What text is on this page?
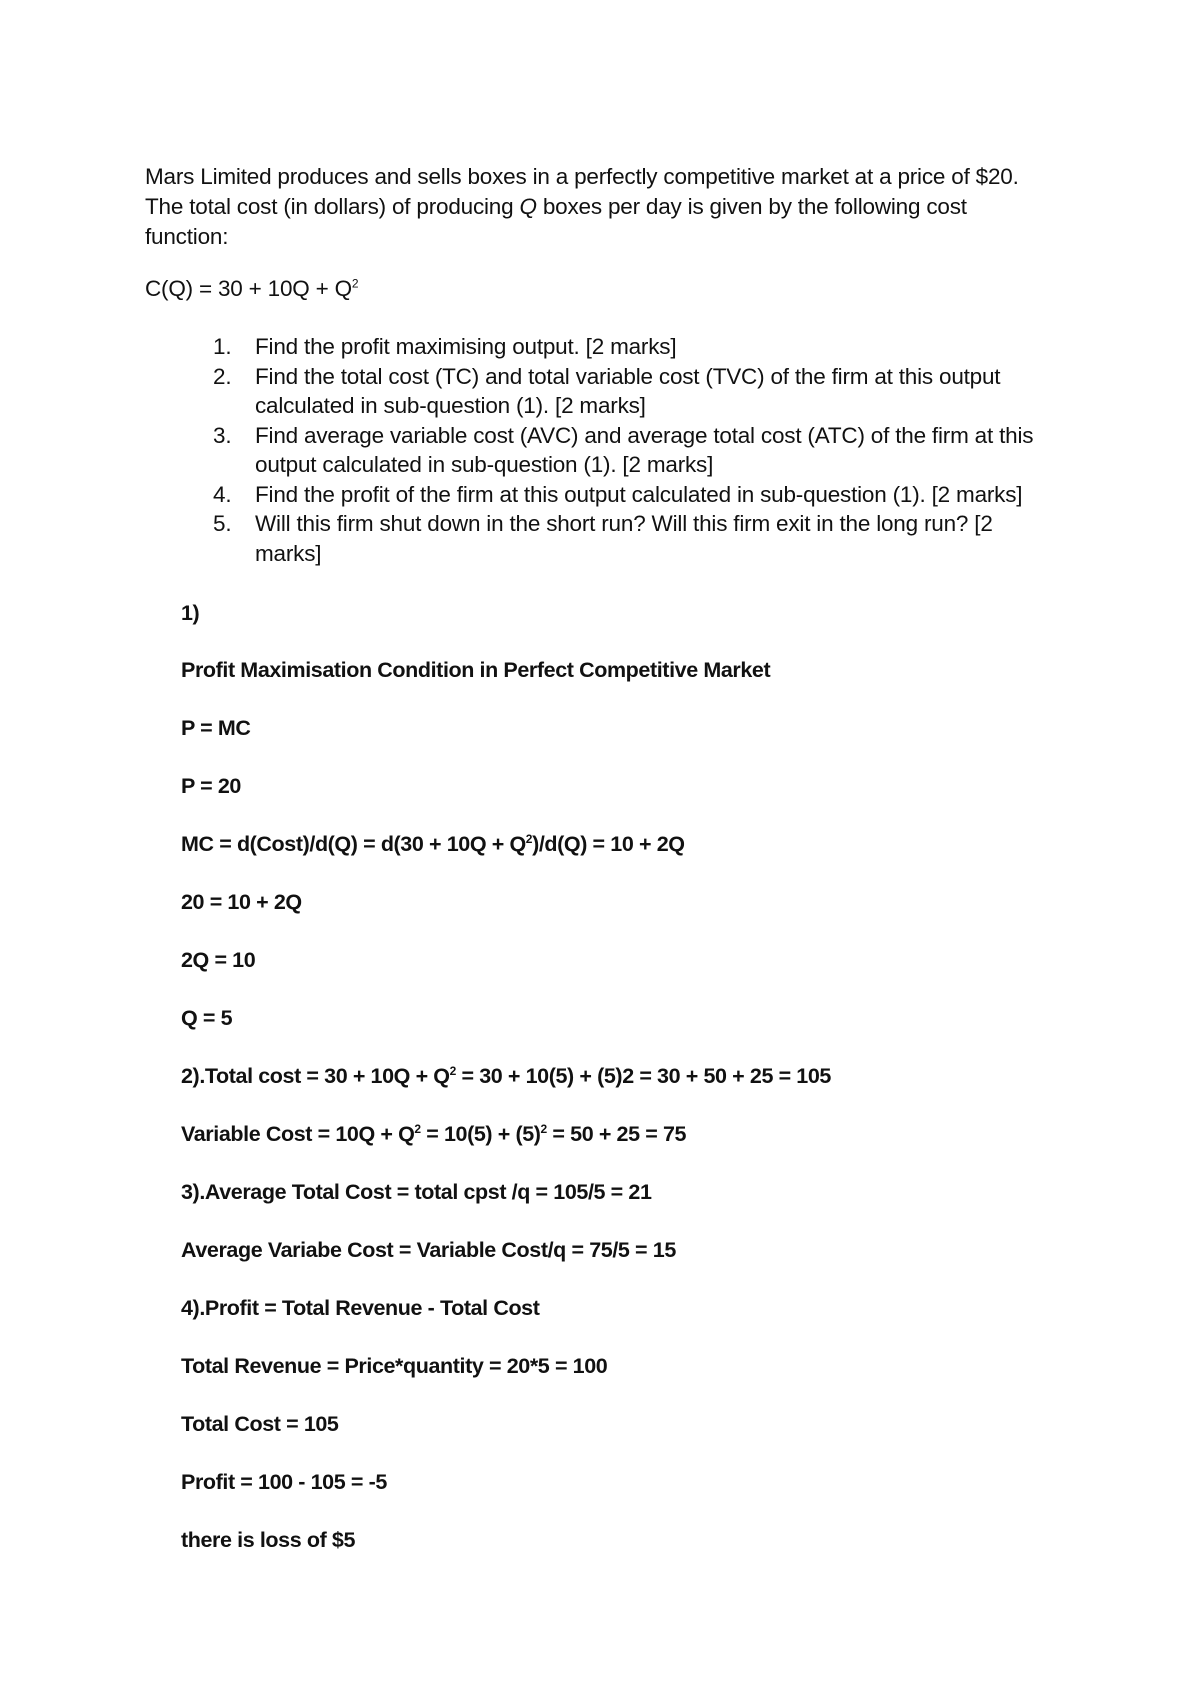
Mars Limited produces and sells boxes in a perfectly competitive market at a price of $20.

The total cost (in dollars) of producing Q boxes per day is given by the following cost

function:

$C(Q) = 30 + 10Q + Q^2$
1. Find the profit maximising output. [2 marks]
2. Find the total cost (TC) and total variable cost (TVC) of the firm at this output calculated in sub-question (1). [2 marks]
3. Find average variable cost (AVC) and average total cost (ATC) of the firm at this output calculated in sub-question (1). [2 marks]
4. Find the profit of the firm at this output calculated in sub-question (1). [2 marks]
5. Will this firm shut down in the short run? Will this firm exit in the long run? [2 marks]
1)
Profit Maximisation Condition in Perfect Competitive Market
P = MC
P = 20
MC = d(Cost)/d(Q) = $d(30 + 10Q + Q^2)/d(Q) = 10 + 2Q$
20 = 10 + 2Q
2Q = 10
Q = 5
2).Total $\cos t = 30 + 10Q + Q^2 = 30 + 10(5) + (5)2 = 30 + 50 + 25 = 105$
Variable Cost = $10Q + Q^2 = 10(5) + (5)^2 = 50 + 25 = 75$
3).Average Total Cost = total cpst /q = 105/5 = 21
Average Variabe Cost = Variable Cost/q = 75/5 = 15
4).Profit = Total Revenue - Total Cost
Total Revenue = Price*quantity = 20*5 = 100
Total Cost = 105
Profit = 100 - 105 = -5
there is loss of $5
